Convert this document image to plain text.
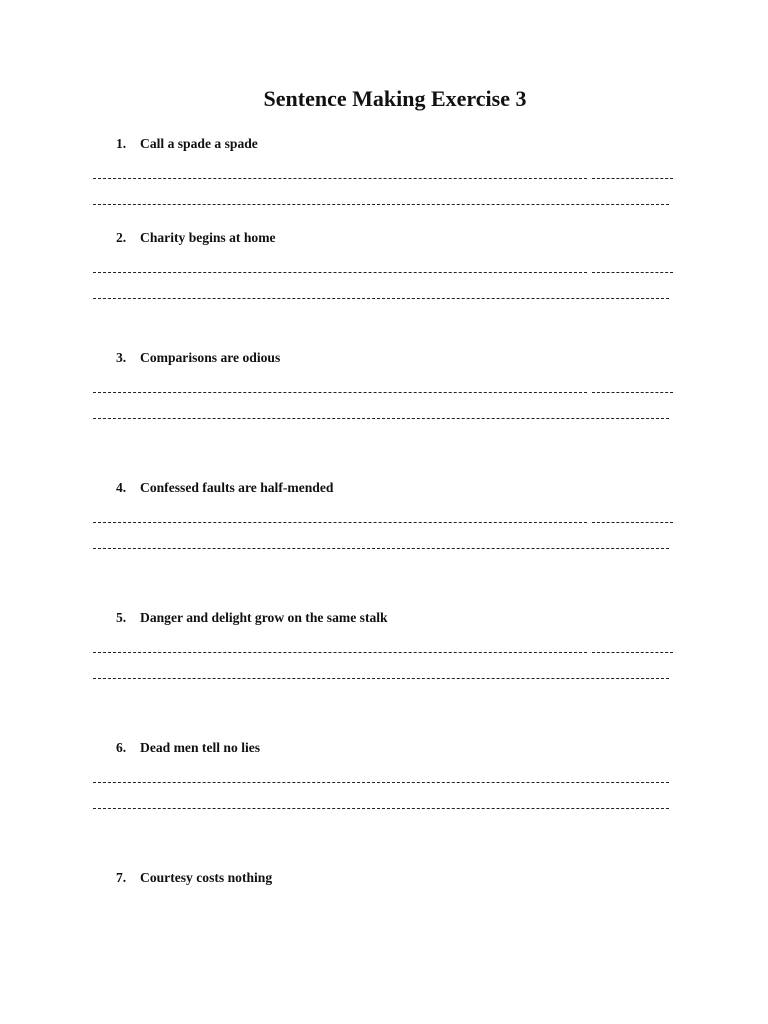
Sentence Making Exercise 3
1. Call a spade a spade
2. Charity begins at home
3. Comparisons are odious
4. Confessed faults are half-mended
5. Danger and delight grow on the same stalk
6. Dead men tell no lies
7. Courtesy costs nothing
